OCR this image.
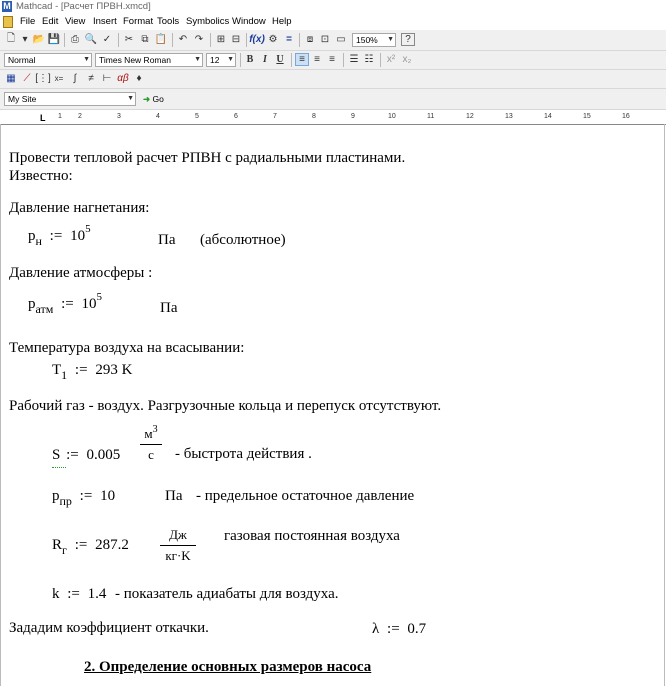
M Mathcad - [Расчет ПРВН.xmcd]
File Edit View Insert Format Tools Symbolics Window Help
🗋 ▾ 📂 💾	⎙ 🔍 ✓ ✂ ⧉ 📋 ↶ ↷ ⊞ ⊟ f(x) ⚙ =	⧈ ⊡ ▭	150% ▼	?
Normal	▼	Times New Roman	▼	12 ▼	B I U	≡ ≡ ≡	☰ ☷ x² x₂
▦ ⟋ [⋮] x=	∫	≠ ⊢ αβ ♦
My Site	▼ ➜ Go
L 1 2	3	4	5	6	7	8	9	10	11	12	13	14	15	16
Провести тепловой расчет РПВН с радиальными пластинами.
Известно:
Давление нагнетания:
$p_н$ := $10^5$
Па (абсолютное)
Давление атмосферы :
$p_{атм}$ := $10^5$
Па
Температура воздуха на всасывании:
$T_1$ := 293 K
Рабочий газ - воздух. Разгрузочные кольца и перепуск отсутствуют.
S := 0.005
$м^3$
с - быстрота действия .
$p_{пр}$ := 10	Па - предельное остаточное давление
$R_г$ := 287.2
Дж
кг·K
газовая постоянная воздуха
k := 1.4 - показатель адиабаты для воздуха.
Зададим коэффициент откачки.	λ := 0.7
2. Определение основных размеров насоса
